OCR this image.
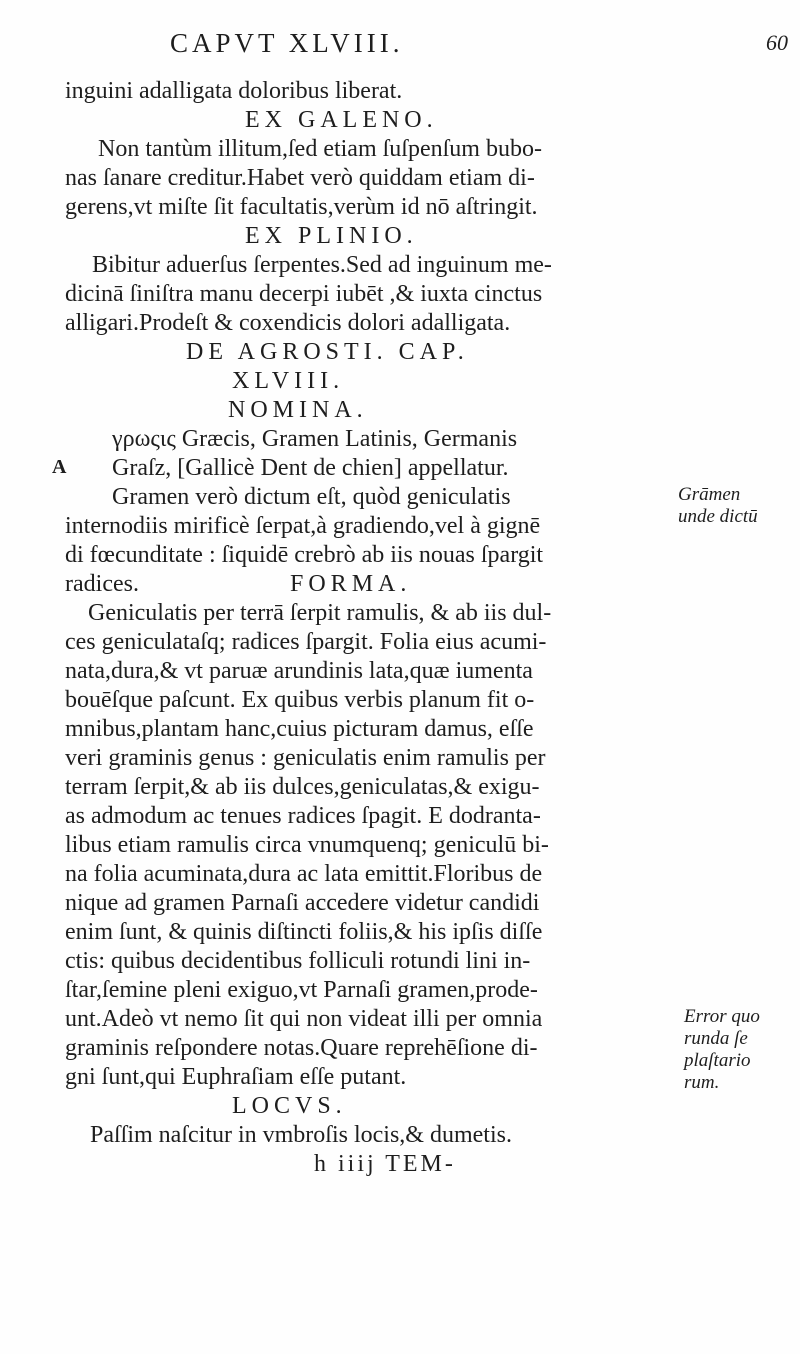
CAPVT XLVIII.	60
inguini adalligata doloribus liberat.
EX GALENO.
Non tantùm illitum,ſed etiam ſuſpenſum bubo-
nas ſanare creditur.Habet verò quiddam etiam di-
gerens,vt miſte ſit facultatis,verùm id nō aſtringit.
EX PLINIO.
Bibitur aduerſus ſerpentes.Sed ad inguinum me-
dicinā ſiniſtra manu decerpi iubēt ,& iuxta cinctus
alligari.Prodeſt & coxendicis dolori adalligata.
DE AGROSTI. CAP.
XLVIII.
NOMINA.
γρωςις Græcis, Gramen Latinis, Germanis
A Graſz, [Gallicè Dent de chien] appellatur.
Gramen verò dictum eſt, quòd geniculatis
internodiis mirificè ſerpat,à gradiendo,vel à gignē
di fœcunditate : ſiquidē crebrò ab iis nouas ſpargit
radices.	FORMA.
Grāmen
unde dictū
Geniculatis per terrā ſerpit ramulis, & ab iis dul-
ces geniculataſq; radices ſpargit. Folia eius acumi-
nata,dura,& vt paruæ arundinis lata,quæ iumenta
bouēſque paſcunt. Ex quibus verbis planum fit o-
mnibus,plantam hanc,cuius picturam damus, eſſe
veri graminis genus : geniculatis enim ramulis per
terram ſerpit,& ab iis dulces,geniculatas,& exigu-
as admodum ac tenues radices ſpagit. E dodranta-
libus etiam ramulis circa vnumquenq; geniculū bi-
na folia acuminata,dura ac lata emittit.Floribus de
nique ad gramen Parnaſi accedere videtur candidi
enim ſunt, & quinis diſtincti foliis,& his ipſis diſſe
ctis: quibus decidentibus folliculi rotundi lini in-
ſtar,ſemine pleni exiguo,vt Parnaſi gramen,prode-
unt.Adeò vt nemo ſit qui non videat illi per omnia
graminis reſpondere notas.Quare reprehēſione di-
gni ſunt,qui Euphraſiam eſſe putant.
LOCVS.
Paſſim naſcitur in vmbroſis locis,& dumetis.
h iiij TEM-
Error quo
runda ſe
plaſtario
rum.
